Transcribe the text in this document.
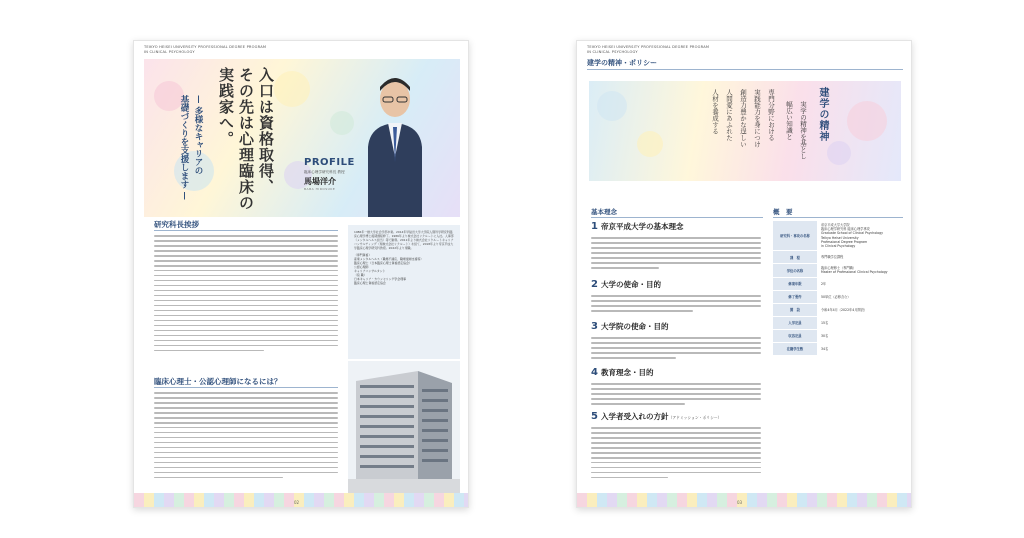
TEIKYO HEISEI UNIVERSITY PROFESSIONAL DEGREE PROGRAM
IN CLINICAL PSYCHOLOGY
入口は資格取得、
その先は心理臨床の
実践家へ。
— 多様なキャリアの
基礎づくりを支援します —	PROFILE
臨床心理学研究科長 教授
馬場洋介
BABA HIROSUKE
研究科長挨拶
臨床心理士・公認心理師になるには？
1986年一橋大学社会学部卒業。2014年早稲田大学大学院人間科学研究科臨床心理学博士後期課程修了。1986年より株式会社リクルートに入社。人事部（メンタルヘルス担当）等で勤務。2011年より株式会社リクルートキャリアコンサルティング（現株式会社リクルート）を経て、2018年より帝京平成大学臨床心理学研究科教授。2022年より現職。
（専門資格）
産業メンタルヘルス（職場不適応、職場復帰支援等）
臨床心理士（日本臨床心理士資格認定協会）
公認心理師
キャリアコンサルタント
（役 職）
日本キャリア・カウンセリング学会理事
臨床心理士資格認定協会
02
TEIKYO HEISEI UNIVERSITY PROFESSIONAL DEGREE PROGRAM
IN CLINICAL PSYCHOLOGY
建学の精神・ポリシー
建学の精神
実学の精神を基とし
幅広い知識と
専門分野における
実践能力を身につけ
創造力豊かな逞しい
人間愛にあふれた
人材を養成する
基本理念	概　要
1 帝京平成大学の基本理念
2 大学の使命・目的
3 大学院の使命・目的
4 教育理念・目的
5 入学者受入れの方針（アドミッション・ポリシー）
研究科・専攻の名称
帝京平成大学大学院
臨床心理学研究科 臨床心理学専攻
Graduate School of Clinical Psychology
Teikyo Heisei University
Professional Degree Program
in Clinical Psychology
課　程	専門職学位課程
学位の名称
臨床心理修士（専門職）
Master of Professional Clinical Psychology
修業年限	2年
修了要件	50単位（必修含む）
開　設	令和4年4月（2022年4月開設）
入学定員	15名
収容定員	30名
在籍学生数	34名
03
